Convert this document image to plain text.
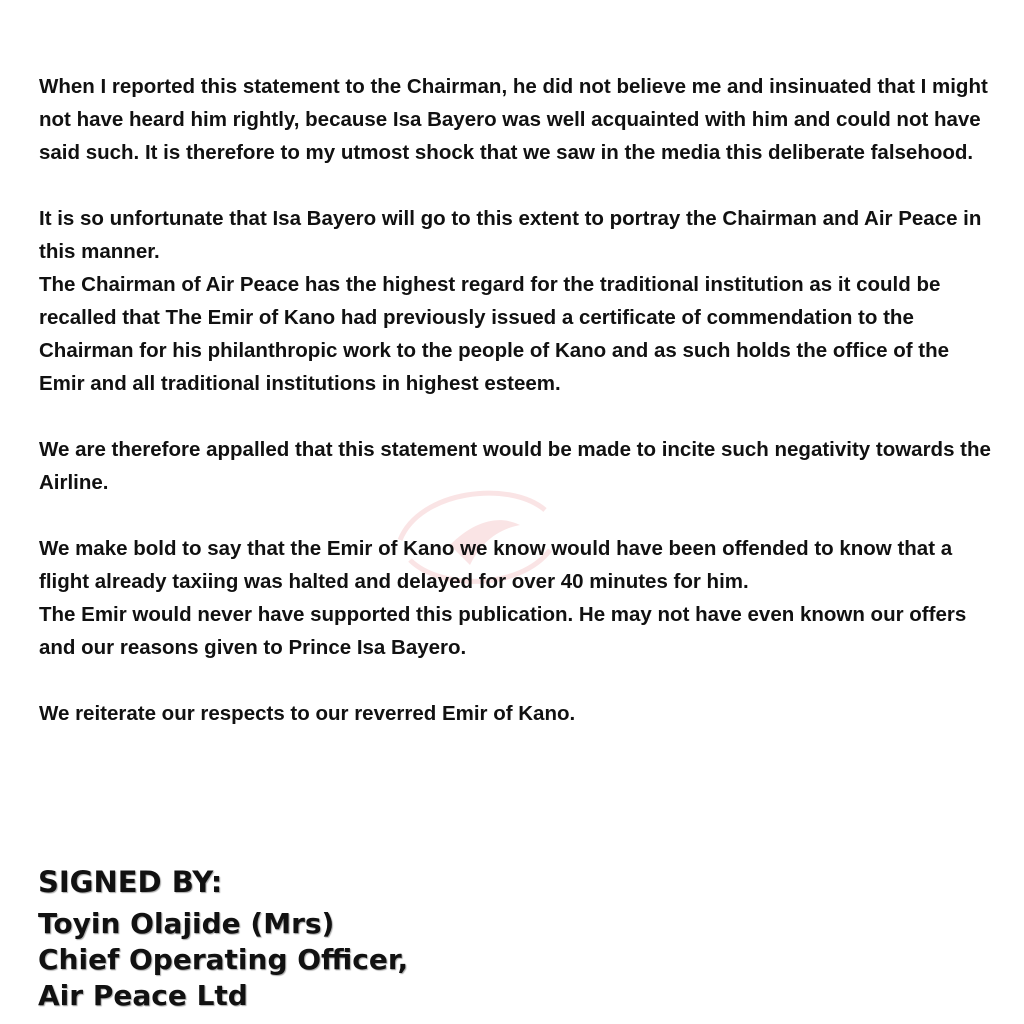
When I reported this statement to the Chairman, he did not believe me and insinuated that I might not have heard him rightly, because Isa Bayero was well acquainted with him and could not have said such. It is therefore to my utmost shock that we saw in the media this deliberate falsehood.

It is so unfortunate that Isa Bayero will go to this extent to portray the Chairman and Air Peace in this manner.

The Chairman of Air Peace has the highest regard for the traditional institution as it could be recalled that The Emir of Kano had previously issued a certificate of commendation to the Chairman for his philanthropic work to the people of Kano and as such holds the office of the Emir and all traditional institutions in highest esteem.

We are therefore appalled that this statement would be made to incite such negativity towards the Airline.

We make bold to say that the Emir of Kano we know would have been offended to know that a flight already taxiing was halted and delayed for over 40 minutes for him.

The Emir would never have supported this publication. He may not have even known our offers and our reasons given to Prince Isa Bayero.

We reiterate our respects to our reverred Emir of Kano.

SIGNED BY:

Toyin Olajide (Mrs)

Chief Operating Officer,

Air Peace Ltd
